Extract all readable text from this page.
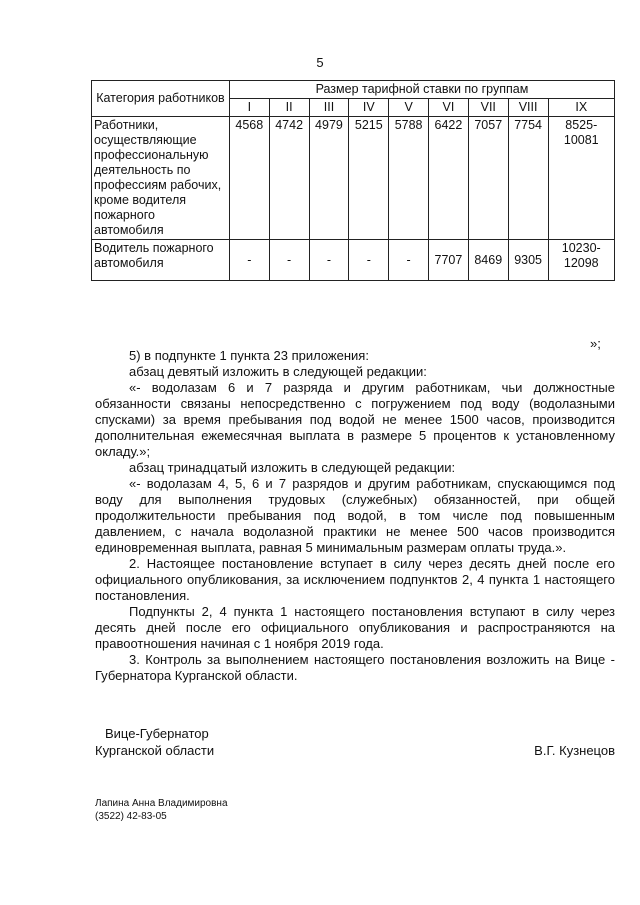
5
Категория работников	Размер тарифной ставки по группам								
	I	II	III	IV	V	VI	VII	VIII	IX
Работники, осуществляющие профессиональную деятельность по профессиям рабочих, кроме водителя пожарного автомобиля	4568	4742	4979	5215	5788	6422	7057	7754	8525-10081
Водитель пожарного автомобиля	-	-	-	-	-	7707	8469	9305	10230-12098
»;

5) в подпункте 1 пункта 23 приложения:

абзац девятый изложить в следующей редакции:

«- водолазам 6 и 7 разряда и другим работникам, чьи должностные обязанности связаны непосредственно с погружением под воду (водолазными спусками) за время пребывания под водой не менее 1500 часов, производится дополнительная ежемесячная выплата в размере 5 процентов к установленному окладу.»;

абзац тринадцатый изложить в следующей редакции:

«- водолазам 4, 5, 6 и 7 разрядов и другим работникам, спускающимся под воду для выполнения трудовых (служебных) обязанностей, при общей продолжительности пребывания под водой, в том числе под повышенным давлением, с начала водолазной практики не менее 500 часов производится единовременная выплата, равная 5 минимальным размерам оплаты труда.».

2. Настоящее постановление вступает в силу через десять дней после его официального опубликования, за исключением подпунктов 2, 4 пункта 1 настоящего постановления.

Подпункты 2, 4 пункта 1 настоящего постановления вступают в силу через десять дней после его официального опубликования и распространяются на правоотношения начиная с 1 ноября 2019 года.

3. Контроль за выполнением настоящего постановления возложить на Вице - Губернатора Курганской области.

Вице-Губернатор
Курганской области	В.Г. Кузнецов
Лапина Анна Владимировна
(3522) 42-83-05
